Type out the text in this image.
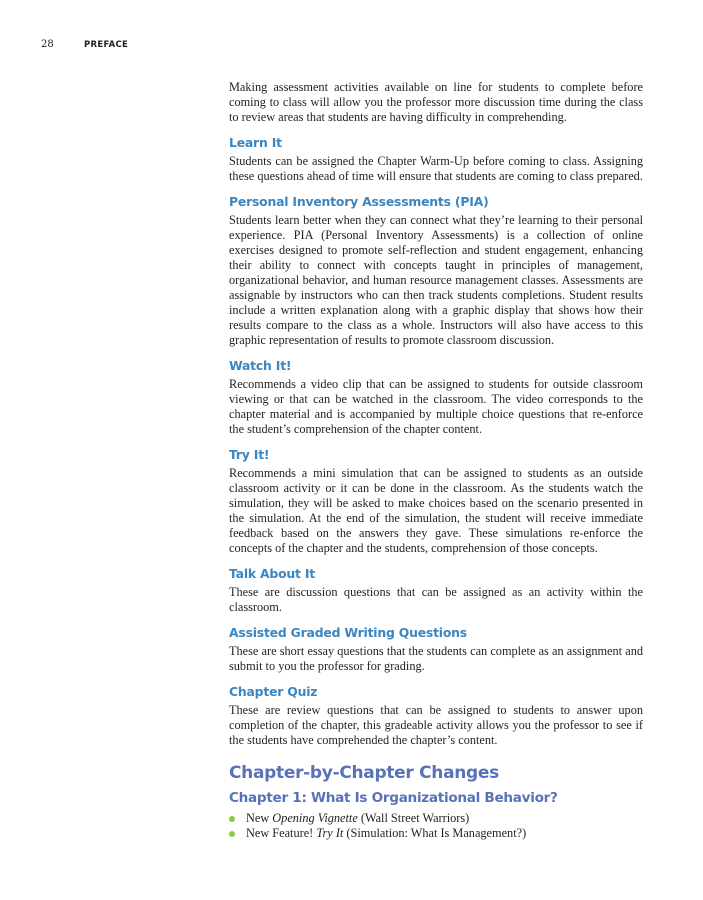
28	PREFACE

Making assessment activities available on line for students to complete before coming to class will allow you the professor more discussion time during the class to review areas that students are having difficulty in comprehending.

Learn It

Students can be assigned the Chapter Warm-Up before coming to class. Assigning these questions ahead of time will ensure that students are coming to class prepared.

Personal Inventory Assessments (PIA)

Students learn better when they can connect what they’re learning to their personal experience. PIA (Personal Inventory Assessments) is a collection of online exercises designed to promote self-reflection and student engagement, enhancing their ability to connect with concepts taught in principles of management, organizational behavior, and human resource management classes. Assessments are assignable by instructors who can then track students completions. Student results include a written explanation along with a graphic display that shows how their results compare to the class as a whole. Instructors will also have access to this graphic representation of results to promote classroom discussion.

Watch It!

Recommends a video clip that can be assigned to students for outside classroom viewing or that can be watched in the classroom. The video corresponds to the chapter material and is accompanied by multiple choice questions that re-enforce the student’s comprehension of the chapter content.

Try It!

Recommends a mini simulation that can be assigned to students as an outside classroom activity or it can be done in the classroom. As the students watch the simulation, they will be asked to make choices based on the scenario presented in the simulation. At the end of the simulation, the student will receive immediate feedback based on the answers they gave. These simulations re-enforce the concepts of the chapter and the students, comprehension of those concepts.

Talk About It

These are discussion questions that can be assigned as an activity within the classroom.

Assisted Graded Writing Questions

These are short essay questions that the students can complete as an assignment and submit to you the professor for grading.

Chapter Quiz

These are review questions that can be assigned to students to answer upon completion of the chapter, this gradeable activity allows you the professor to see if the students have comprehended the chapter’s content.

Chapter-by-Chapter Changes
Chapter 1: What Is Organizational Behavior?
New Opening Vignette (Wall Street Warriors)
New Feature! Try It (Simulation: What Is Management?)
